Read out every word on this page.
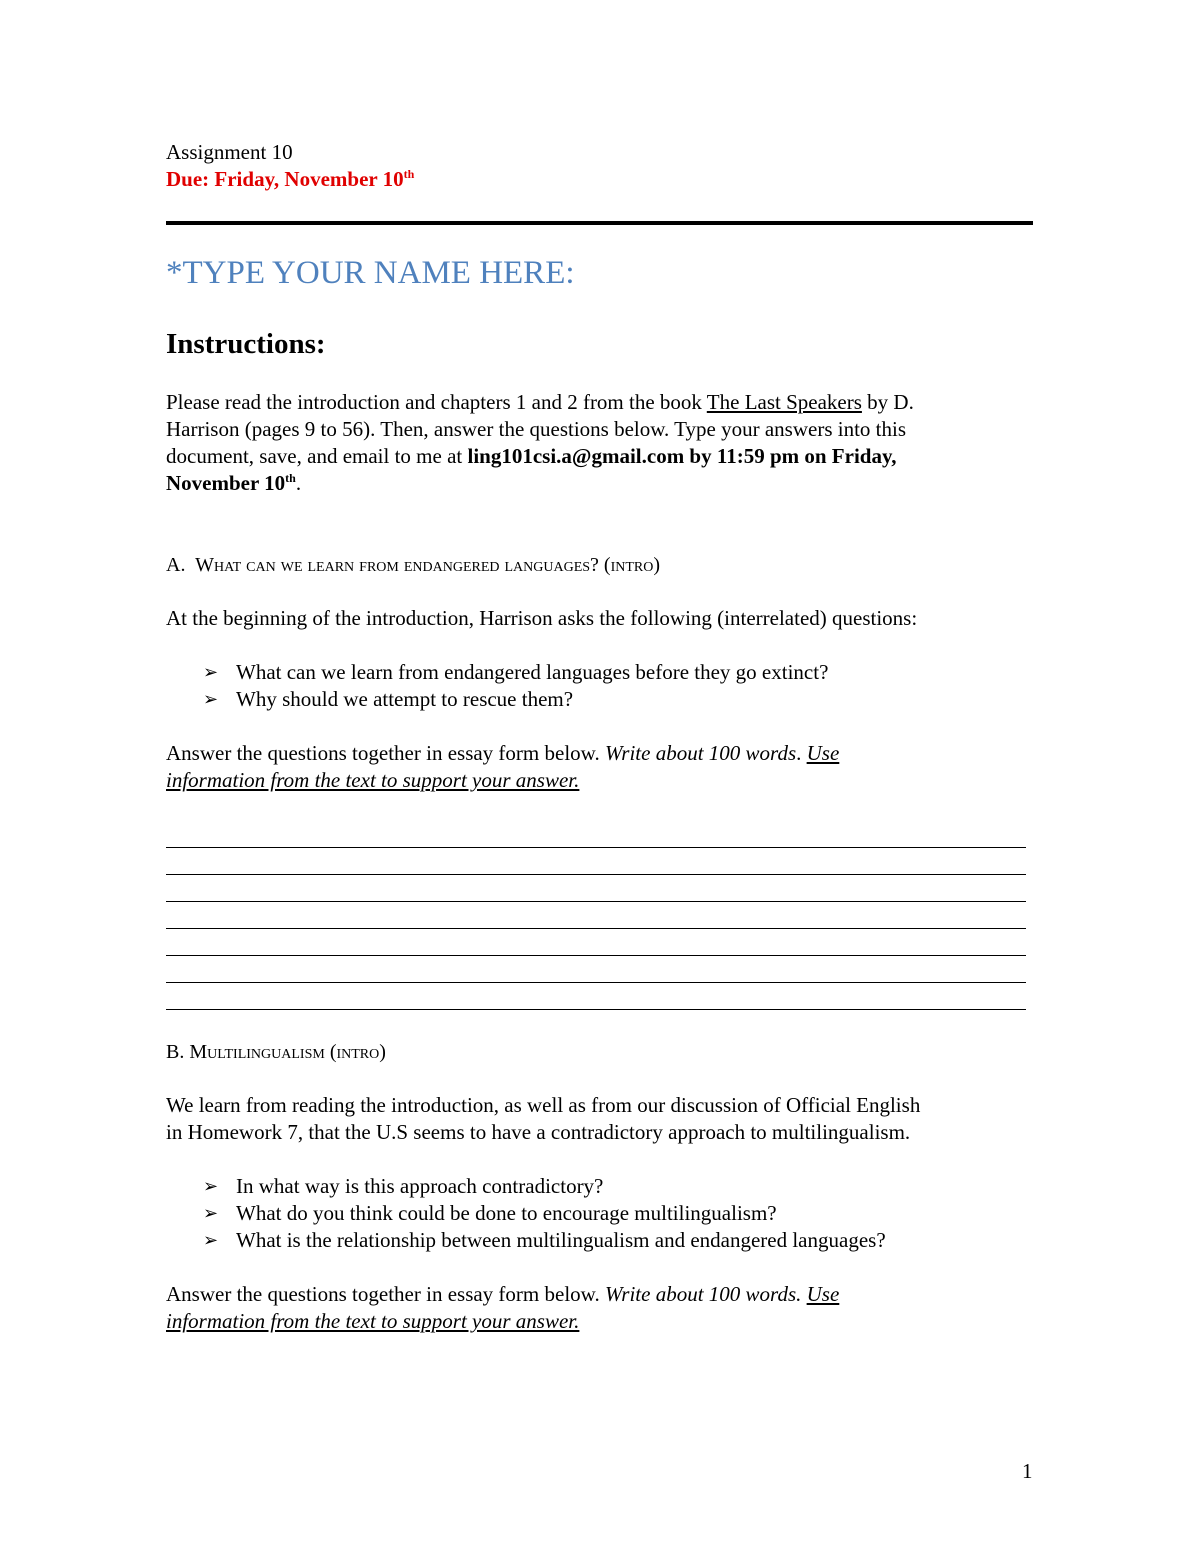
Assignment 10
Due: Friday, November 10th
*TYPE YOUR NAME HERE:
Instructions:
Please read the introduction and chapters 1 and 2 from the book The Last Speakers by D.
Harrison (pages 9 to 56). Then, answer the questions below. Type your answers into this
document, save, and email to me at ling101csi.a@gmail.com by 11:59 pm on Friday,
November 10th.
A.  What can we learn from endangered languages? (intro)
At the beginning of the introduction, Harrison asks the following (interrelated) questions:
➢ What can we learn from endangered languages before they go extinct?
➢ Why should we attempt to rescue them?
Answer the questions together in essay form below. Write about 100 words. Use
information from the text to support your answer.
B. Multilingualism (intro)
We learn from reading the introduction, as well as from our discussion of Official English
in Homework 7, that the U.S seems to have a contradictory approach to multilingualism.
➢ In what way is this approach contradictory?
➢ What do you think could be done to encourage multilingualism?
➢ What is the relationship between multilingualism and endangered languages?
Answer the questions together in essay form below. Write about 100 words. Use
information from the text to support your answer.
1
